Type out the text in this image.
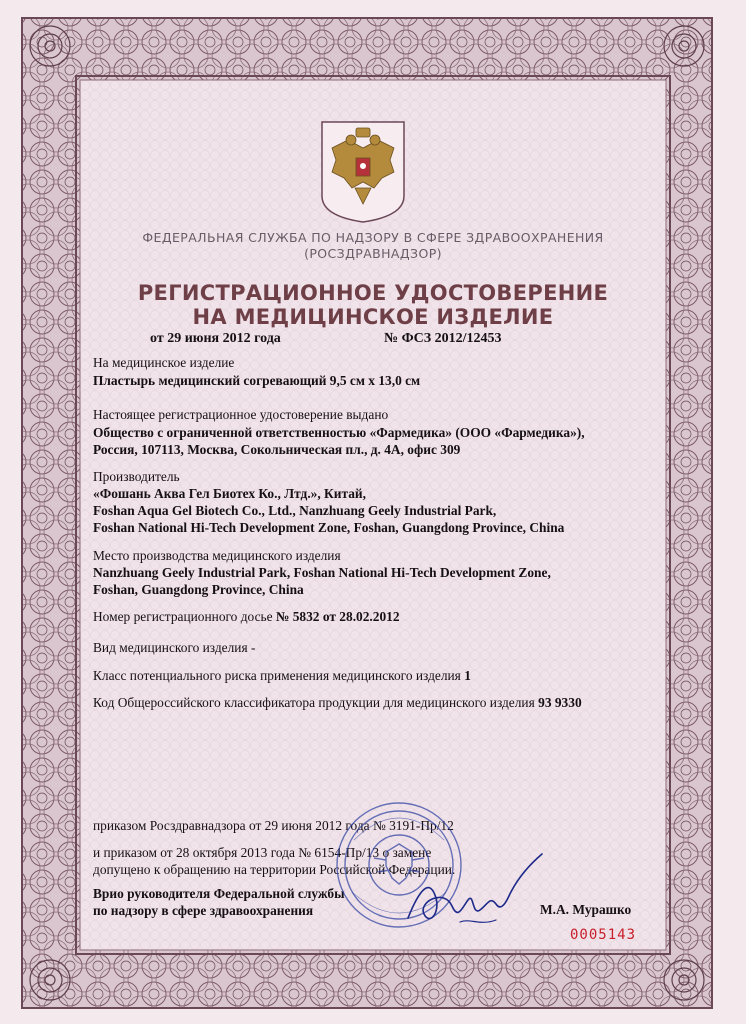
ФЕДЕРАЛЬНАЯ СЛУЖБА ПО НАДЗОРУ В СФЕРЕ ЗДРАВООХРАНЕНИЯ
(РОСЗДРАВНАДЗОР)
РЕГИСТРАЦИОННОЕ УДОСТОВЕРЕНИЕ
НА МЕДИЦИНСКОЕ ИЗДЕЛИЕ
от 29 июня 2012 года	№ ФСЗ 2012/12453
На медицинское изделие
Пластырь медицинский согревающий 9,5 см х 13,0 см
Настоящее регистрационное удостоверение выдано
Общество с ограниченной ответственностью «Фармедика» (ООО «Фармедика»),
Россия, 107113, Москва, Сокольническая пл., д. 4А, офис 309
Производитель
«Фошань Аква Гел Биотех Ко., Лтд.», Китай,
Foshan Aqua Gel Biotech Co., Ltd., Nanzhuang Geely Industrial Park,
Foshan National Hi-Tech Development Zone, Foshan, Guangdong Province, China
Место производства медицинского изделия
Nanzhuang Geely Industrial Park, Foshan National Hi-Tech Development Zone,
Foshan, Guangdong Province, China
Номер регистрационного досье № 5832 от 28.02.2012
Вид медицинского изделия -
Класс потенциального риска применения медицинского изделия 1
Код Общероссийского классификатора продукции для медицинского изделия 93 9330
приказом Росздравнадзора от 29 июня 2012 года № 3191-Пр/12
и приказом от 28 октября 2013 года № 6154-Пр/13 о замене
допущено к обращению на территории Российской Федерации.
Врио руководителя Федеральной службы
по надзору в сфере здравоохранения	М.А. Мурашко
0005143
